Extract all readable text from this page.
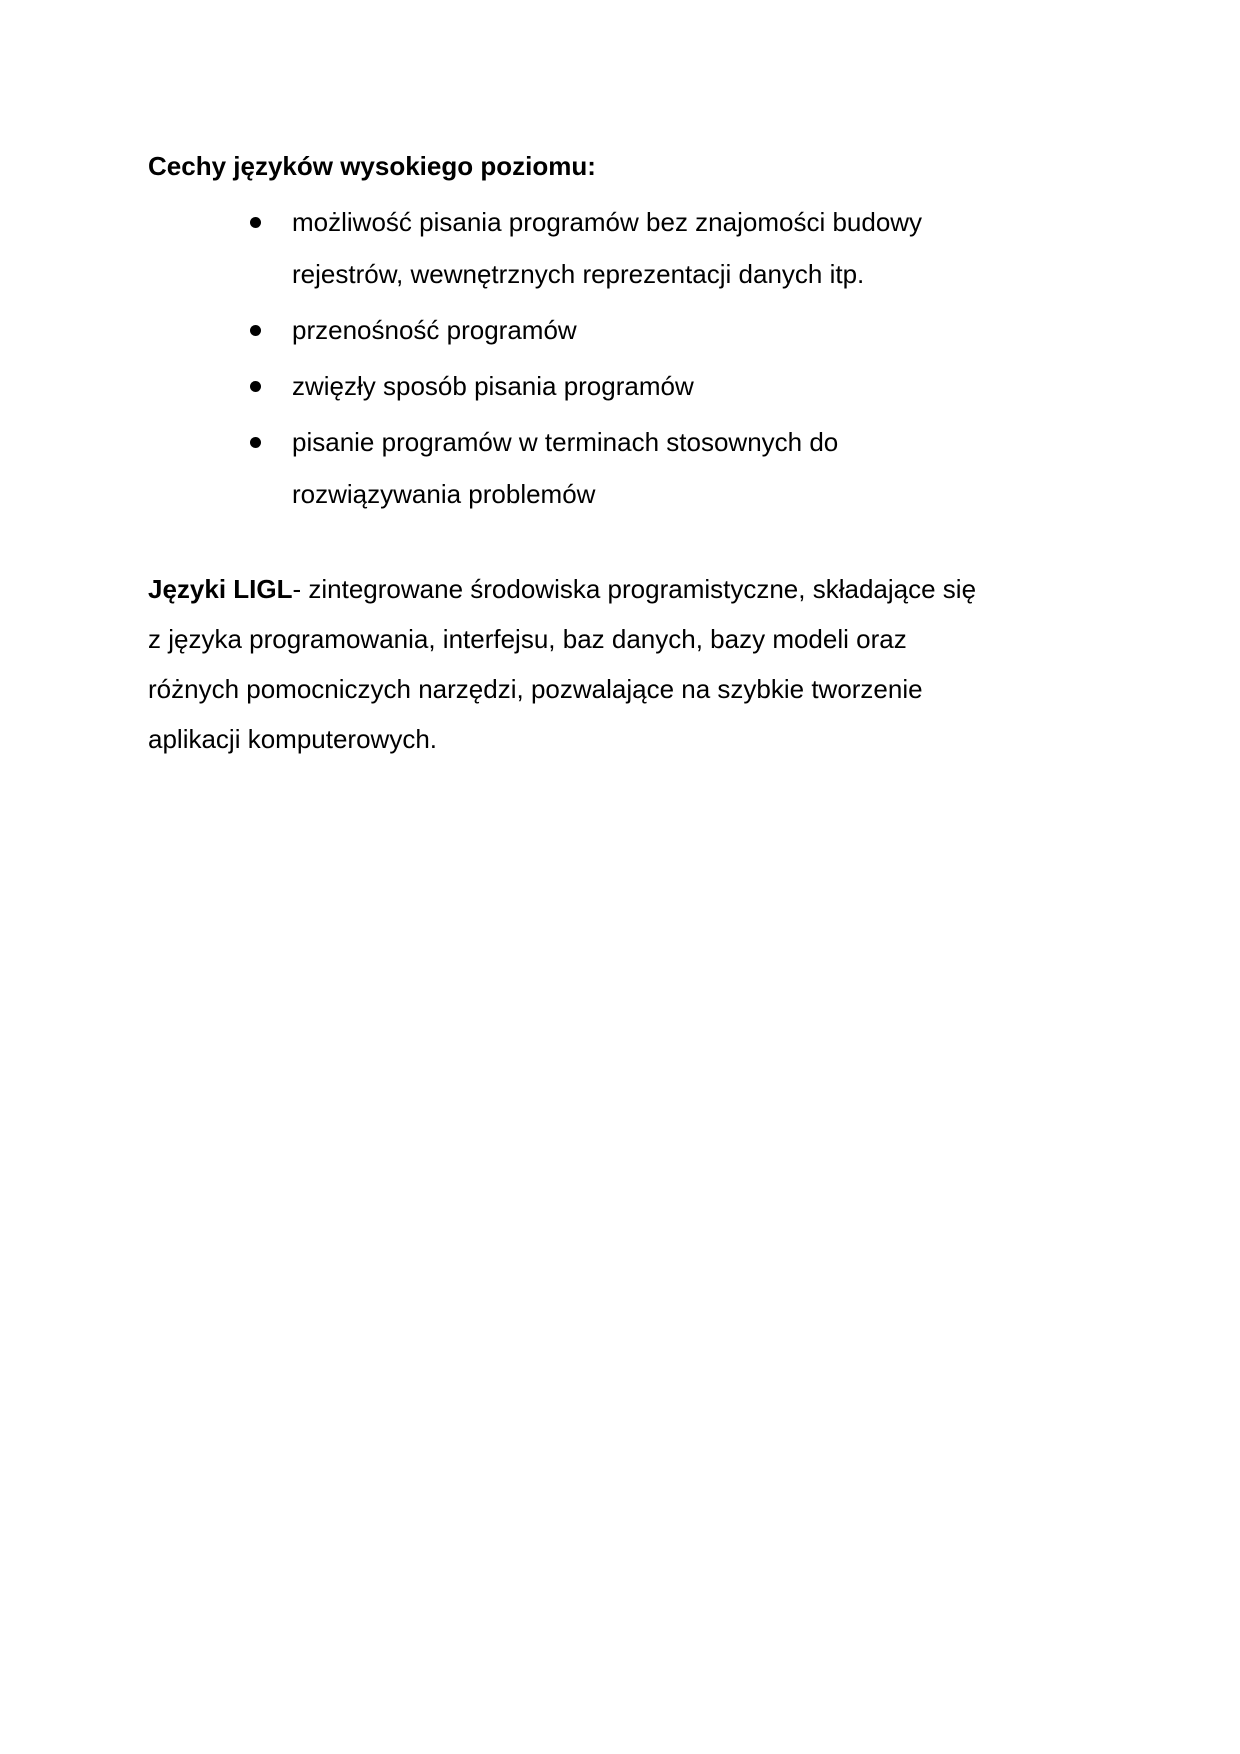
Cechy języków wysokiego poziomu:

możliwość pisania programów bez znajomości budowy
rejestrów, wewnętrznych reprezentacji danych itp.
przenośność programów
zwięzły sposób pisania programów
pisanie programów w terminach stosownych do
rozwiązywania problemów

Języki LIGL- zintegrowane środowiska programistyczne, składające się
z języka programowania, interfejsu, baz danych, bazy modeli oraz
różnych pomocniczych narzędzi, pozwalające na szybkie tworzenie
aplikacji komputerowych.
